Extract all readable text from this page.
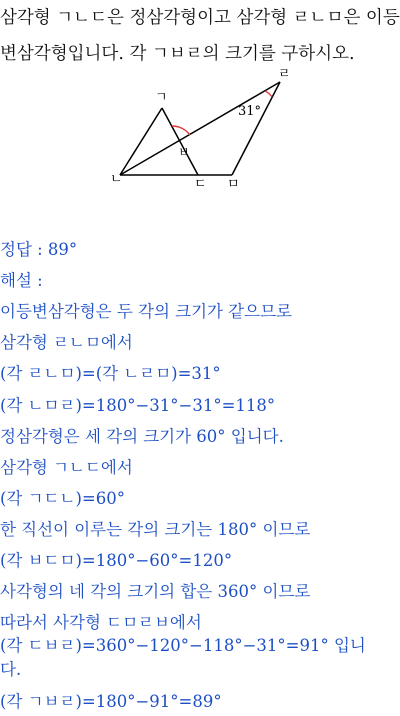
삼각형 ㄱㄴㄷ은 정삼각형이고 삼각형 ㄹㄴㅁ은 이등
변삼각형입니다. 각 ㄱㅂㄹ의 크기를 구하시오.
ㄱ
ㄴ	ㄷ ㅁ
ㄹ
ㅂ
31°
정답 : 89°
해설 :
이등변삼각형은 두 각의 크기가 같으므로
삼각형 ㄹㄴㅁ에서
(각 ㄹㄴㅁ)=(각 ㄴㄹㅁ)=31°
(각 ㄴㅁㄹ)=180°−31°−31°=118°
정삼각형은 세 각의 크기가 60° 입니다.
삼각형 ㄱㄴㄷ에서
(각 ㄱㄷㄴ)=60°
한 직선이 이루는 각의 크기는 180° 이므로
(각 ㅂㄷㅁ)=180°−60°=120°
사각형의 네 각의 크기의 합은 360° 이므로
따라서 사각형 ㄷㅁㄹㅂ에서
(각 ㄷㅂㄹ)=360°−120°−118°−31°=91° 입니
다.
(각 ㄱㅂㄹ)=180°−91°=89°
